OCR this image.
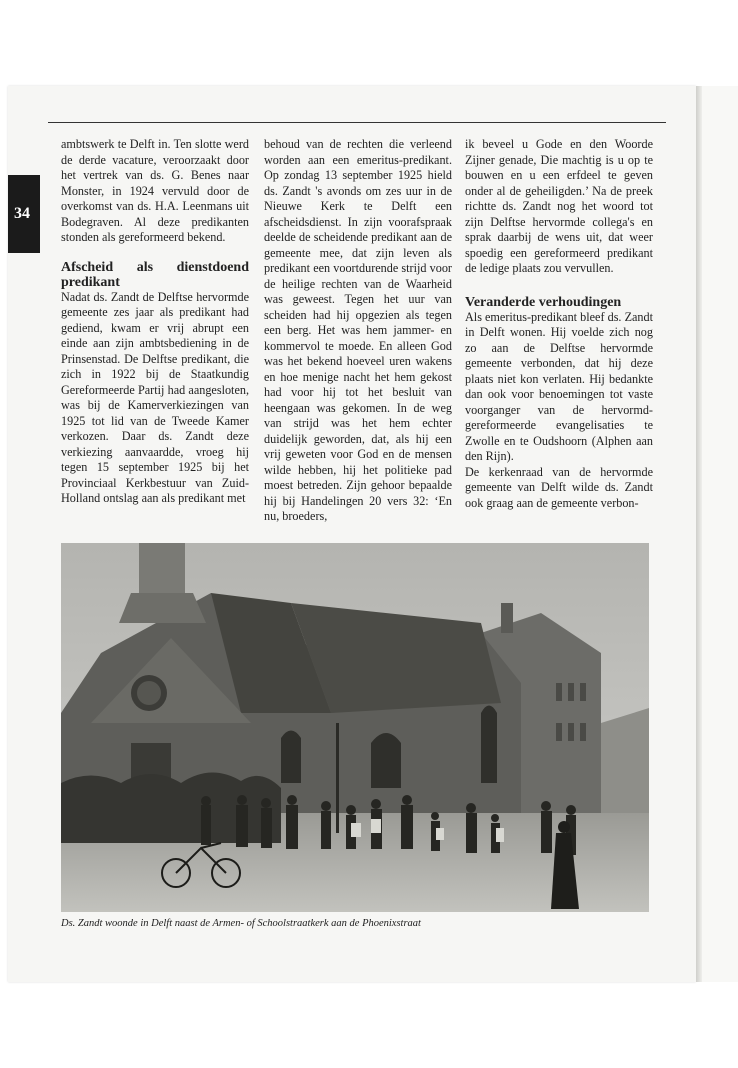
34

ambtswerk te Delft in. Ten slotte werd de derde vacature, veroorzaakt door het vertrek van ds. G. Benes naar Monster, in 1924 vervuld door de overkomst van ds. H.A. Leenmans uit Bodegraven. Al deze predikanten stonden als gereformeerd bekend.

Afscheid als dienstdoend predikant

Nadat ds. Zandt de Delftse hervormde gemeente zes jaar als predikant had gediend, kwam er vrij abrupt een einde aan zijn ambtsbediening in de Prinsenstad. De Delftse predikant, die zich in 1922 bij de Staatkundig Gereformeerde Partij had aangesloten, was bij de Kamerverkiezingen van 1925 tot lid van de Tweede Kamer verkozen. Daar ds. Zandt deze verkiezing aanvaardde, vroeg hij tegen 15 september 1925 bij het Provinciaal Kerkbestuur van Zuid-Holland ontslag aan als predikant met

behoud van de rechten die verleend worden aan een emeritus-predikant. Op zondag 13 september 1925 hield ds. Zandt 's avonds om zes uur in de Nieuwe Kerk te Delft een afscheidsdienst. In zijn voorafspraak deelde de scheidende predikant aan de gemeente mee, dat zijn leven als predikant een voortdurende strijd voor de heilige rechten van de Waarheid was geweest. Tegen het uur van scheiden had hij opgezien als tegen een berg. Het was hem jammer- en kommervol te moede. En alleen God was het bekend hoeveel uren wakens en hoe menige nacht het hem gekost had voor hij tot het besluit van heengaan was gekomen. In de weg van strijd was het hem echter duidelijk geworden, dat, als hij een vrij geweten voor God en de mensen wilde hebben, hij het politieke pad moest betreden. Zijn gehoor bepaalde hij bij Handelingen 20 vers 32: ‘En nu, broeders,

ik beveel u Gode en den Woorde Zijner genade, Die machtig is u op te bouwen en u een erfdeel te geven onder al de geheiligden.’ Na de preek richtte ds. Zandt nog het woord tot zijn Delftse hervormde collega's en sprak daarbij de wens uit, dat weer spoedig een gereformeerd predikant de ledige plaats zou vervullen.

Veranderde verhoudingen

Als emeritus-predikant bleef ds. Zandt in Delft wonen. Hij voelde zich nog zo aan de Delftse hervormde gemeente verbonden, dat hij deze plaats niet kon verlaten. Hij bedankte dan ook voor benoemingen tot vaste voorganger van de hervormd-gereformeerde evangelisaties te Zwolle en te Oudshoorn (Alphen aan den Rijn).

De kerkenraad van de hervormde gemeente van Delft wilde ds. Zandt ook graag aan de gemeente verbon-

Ds. Zandt woonde in Delft naast de Armen- of Schoolstraatkerk aan de Phoenixstraat
